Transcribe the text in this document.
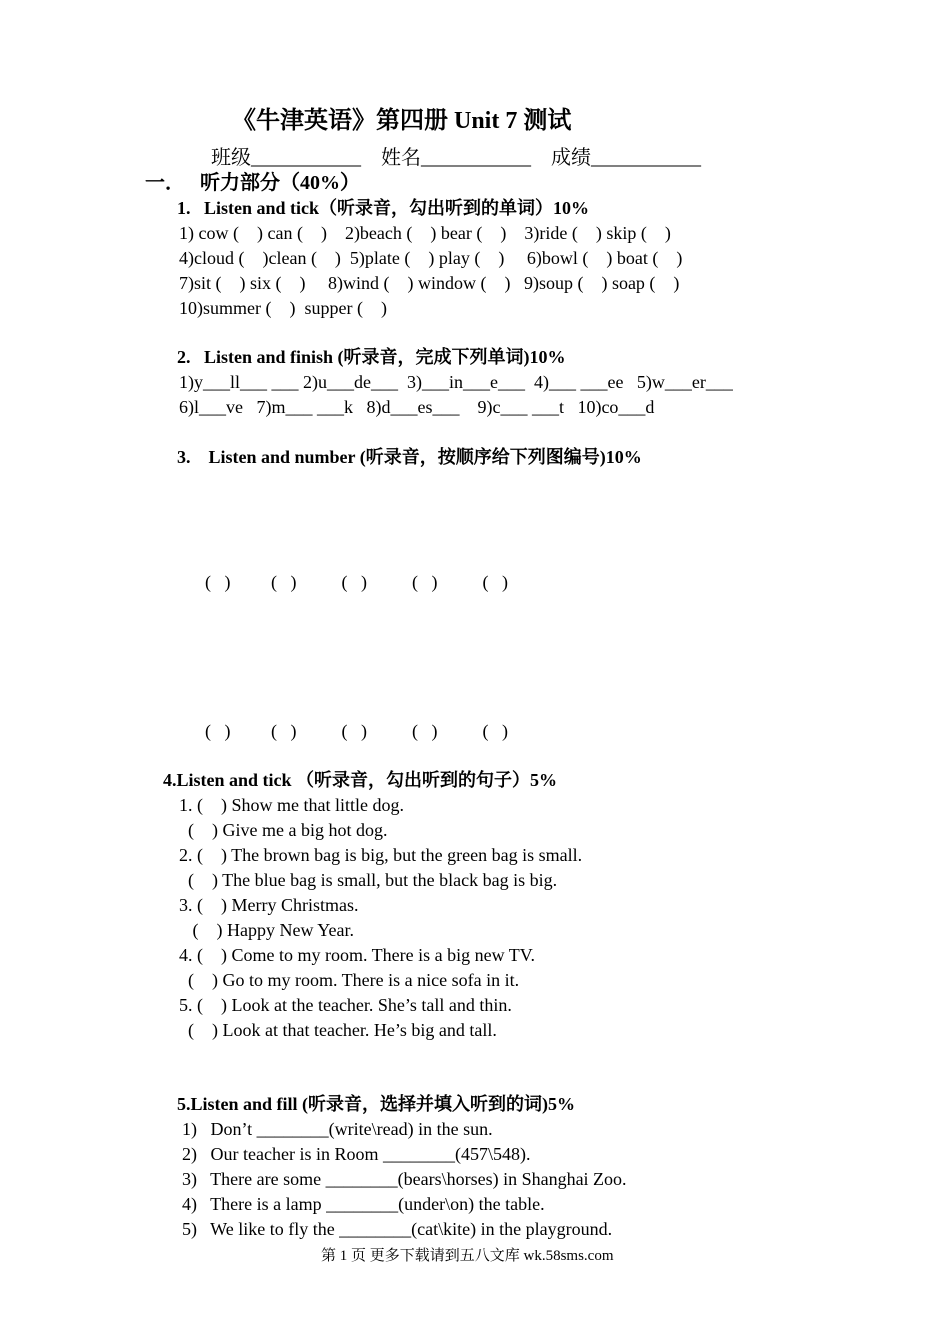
《牛津英语》第四册 Unit 7 测试
班级___________    姓名___________    成绩___________
一．   听力部分（40%）
1.   Listen and tick（听录音，勾出听到的单词）10%
1) cow (    ) can (    )    2)beach (    ) bear (    )    3)ride (    ) skip (    )
4)cloud (    )clean (    )  5)plate (    ) play (    )     6)bowl (    ) boat (    )
7)sit (    ) six (    )     8)wind (    ) window (    )   9)soup (    ) soap (    )
10)summer (    )  supper (    )
2.   Listen and finish (听录音，完成下列单词)10%
1)y___ll___ ___ 2)u___de___  3)___in___e___  4)___ ___ee   5)w___er___
6)l___ve   7)m___ ___k   8)d___es___    9)c___ ___t   10)co___d
3.    Listen and number (听录音，按顺序给下列图编号)10%
(   )         (   )          (   )          (   )          (   )
(   )         (   )          (   )          (   )          (   )
4.Listen and tick （听录音，勾出听到的句子）5%
1. (    ) Show me that little dog.
(    ) Give me a big hot dog.
2. (    ) The brown bag is big, but the green bag is small.
(    ) The blue bag is small, but the black bag is big.
3. (    ) Merry Christmas.
(    ) Happy New Year.
4. (    ) Come to my room. There is a big new TV.
(    ) Go to my room. There is a nice sofa in it.
5. (    ) Look at the teacher. She’s tall and thin.
(    ) Look at that teacher. He’s big and tall.
5.Listen and fill (听录音，选择并填入听到的词)5%
1)   Don’t ________(write\read) in the sun.
2)   Our teacher is in Room ________(457\548).
3)   There are some ________(bears\horses) in Shanghai Zoo.
4)   There is a lamp ________(under\on) the table.
5)   We like to fly the ________(cat\kite) in the playground.
第 1 页 更多下载请到五八文库 wk.58sms.com
